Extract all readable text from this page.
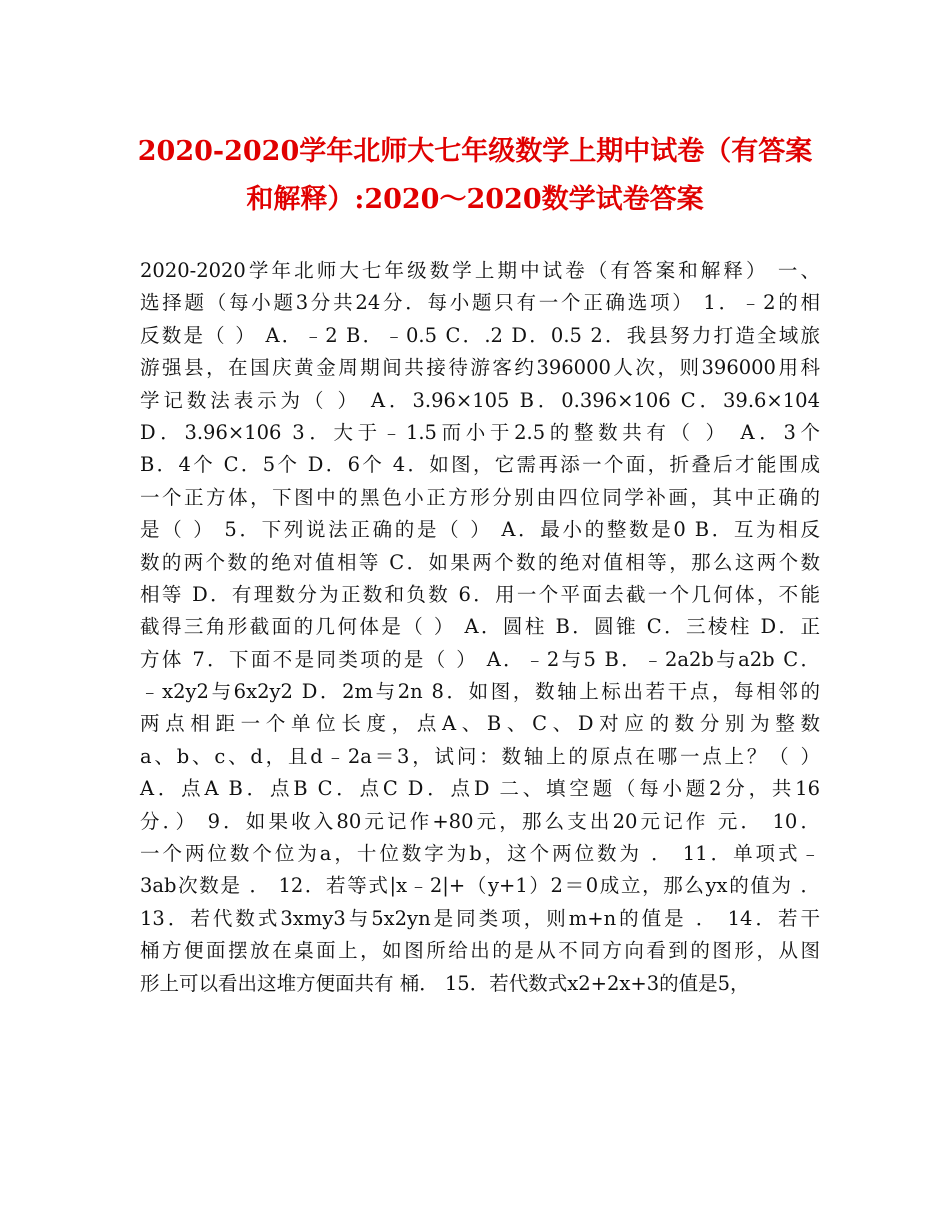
2020-2020学年北师大七年级数学上期中试卷（有答案
和解释）:2020～2020数学试卷答案
2020-2020学年北师大七年级数学上期中试卷（有答案和解释） 一、
选择题（每小题3分共24分．每小题只有一个正确选项） 1．﹣2的相
反数是（ ） A．﹣2 B．﹣0.5 C．.2 D．0.5 2．我县努力打造全域旅
游强县，在国庆黄金周期间共接待游客约396000人次，则396000用科
学记数法表示为（ ） A．3.96×105 B．0.396×106 C．39.6×104
D．3.96×106 3．大于﹣1.5而小于2.5的整数共有（ ） A．3个
B．4个 C．5个 D．6个 4．如图，它需再添一个面，折叠后才能围成
一个正方体，下图中的黑色小正方形分别由四位同学补画，其中正确的
是（ ） 5．下列说法正确的是（ ） A．最小的整数是0 B．互为相反
数的两个数的绝对值相等 C．如果两个数的绝对值相等，那么这两个数
相等 D．有理数分为正数和负数 6．用一个平面去截一个几何体，不能
截得三角形截面的几何体是（ ） A．圆柱 B．圆锥 C．三棱柱 D．正
方体 7．下面不是同类项的是（ ） A．﹣2与5 B．﹣2a2b与a2b C．
﹣x2y2与6x2y2 D．2m与2n 8．如图，数轴上标出若干点，每相邻的
两点相距一个单位长度，点A、B、C、D对应的数分别为整数
a、b、c、d，且d﹣2a＝3，试问：数轴上的原点在哪一点上？（ ）
A．点A B．点B C．点C D．点D 二、填空题（每小题2分，共16
分．） 9．如果收入80元记作+80元，那么支出20元记作 元． 10．
一个两位数个位为a，十位数字为b，这个两位数为 ． 11．单项式﹣
3ab次数是 ． 12．若等式|x﹣2|+（y+1）2＝0成立，那么yx的值为 ．
13．若代数式3xmy3与5x2yn是同类项，则m+n的值是 ． 14．若干
桶方便面摆放在桌面上，如图所给出的是从不同方向看到的图形，从图
形上可以看出这堆方便面共有 桶． 15．若代数式x2+2x+3的值是5，
